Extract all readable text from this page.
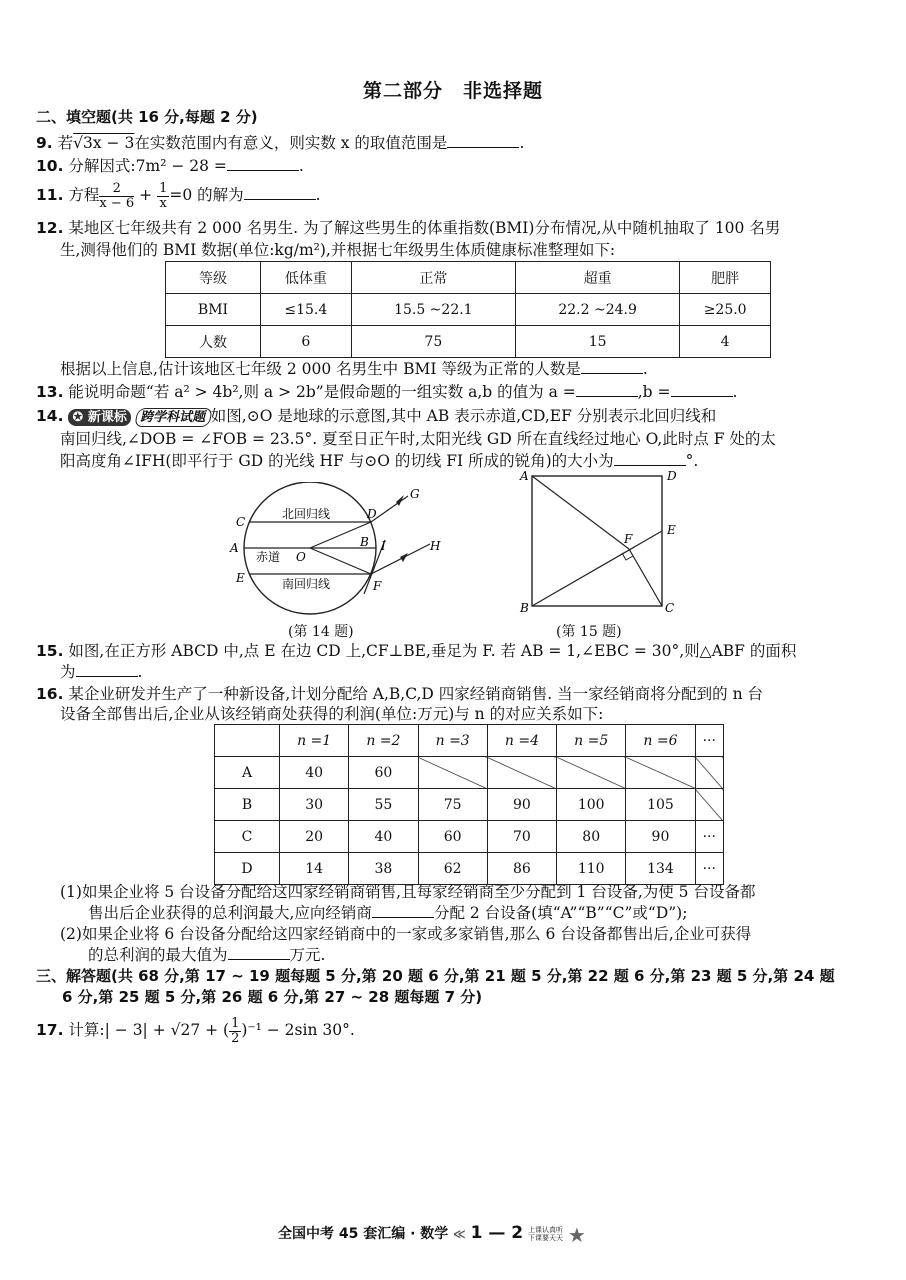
第二部分　非选择题
二、填空题(共 16 分,每题 2 分)
9. 若√3x − 3在实数范围内有意义，则实数 x 的取值范围是	.
10. 分解因式:7m² − 28 =	.
11. 方程 $\frac{2}{x - 6} + \frac{1}{x} =0$ 的解为	.
12. 某地区七年级共有 2 000 名男生. 为了解这些男生的体重指数(BMI)分布情况,从中随机抽取了 100 名男
生,测得他们的 BMI 数据(单位:kg/m²),并根据七年级男生体质健康标准整理如下:
等级	低体重	正常	超重	肥胖
BMI	≤15.4	15.5 ~22.1	22.2 ~24.9	≥25.0
人数	6	75	15	4
根据以上信息,估计该地区七年级 2 000 名男生中 BMI 等级为正常的人数是	.
13. 能说明命题“若 a² > 4b²,则 a > 2b”是假命题的一组实数 a,b 的值为 a =	,b =	.
14. ✪ 新课标 跨学科试题 如图,⊙O 是地球的示意图,其中 AB 表示赤道,CD,EF 分别表示北回归线和
南回归线,∠DOB = ∠FOB = 23.5°. 夏至日正午时,太阳光线 GD 所在直线经过地心 O,此时点 F 处的太
阳高度角∠IFH(即平行于 GD 的光线 HF 与⊙O 的切线 FI 所成的锐角)的大小为	°.
C
A
E
D
B
F
G
H
I
O
北回归线
赤道
南回归线
(第 14 题)
A	D
E
F
B	C
(第 15 题)
15. 如图,在正方形 ABCD 中,点 E 在边 CD 上,CF⊥BE,垂足为 F. 若 AB = 1,∠EBC = 30°,则△ABF 的面积
为	.
16. 某企业研发并生产了一种新设备,计划分配给 A,B,C,D 四家经销商销售. 当一家经销商将分配到的 n 台
设备全部售出后,企业从该经销商处获得的利润(单位:万元)与 n 的对应关系如下:
	n =1	n =2	n =3	n =4	n =5	n =6	···
A	40	60					
B	30	55	75	90	100	105	
C	20	40	60	70	80	90	···
D	14	38	62	86	110	134	···
(1)如果企业将 5 台设备分配给这四家经销商销售,且每家经销商至少分配到 1 台设备,为使 5 台设备都
售出后企业获得的总利润最大,应向经销商	分配 2 台设备(填“A”“B”“C”或“D”);
(2)如果企业将 6 台设备分配给这四家经销商中的一家或多家销售,那么 6 台设备都售出后,企业可获得
的总利润的最大值为	万元.
三、解答题(共 68 分,第 17 ~ 19 题每题 5 分,第 20 题 6 分,第 21 题 5 分,第 22 题 6 分,第 23 题 5 分,第 24 题
6 分,第 25 题 5 分,第 26 题 6 分,第 27 ~ 28 题每题 7 分)
17. 计算:| − 3| + √27 + ( $\frac{1}{2} )^{-1} - 2\sin$ 30°.
全国中考 45 套汇编 · 数学 ≪ 1 — 2 上课认真听
下课要天天 ★
